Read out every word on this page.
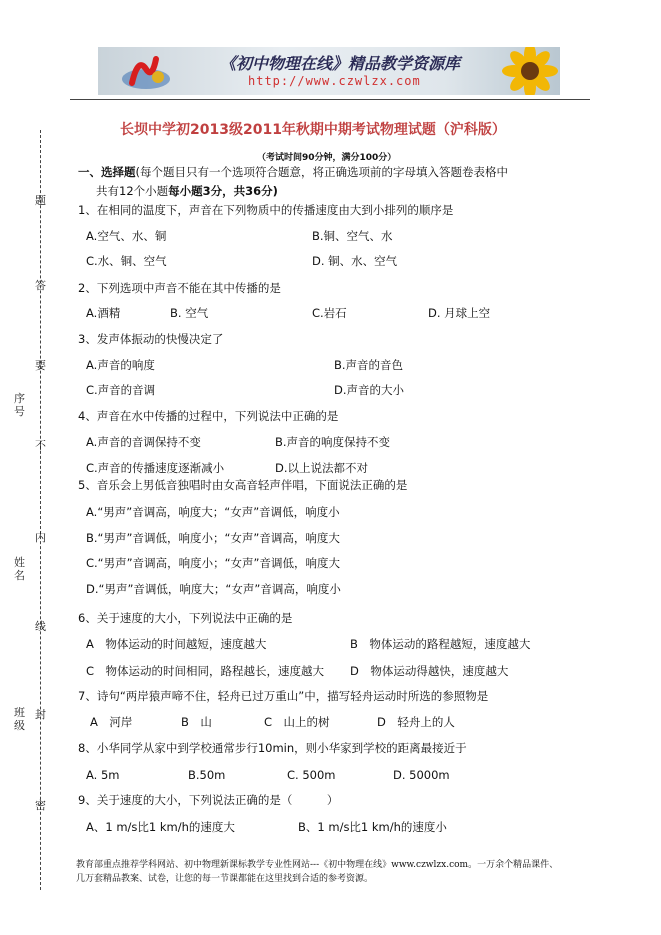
《初中物理在线》精品教学资源库
http://www.czwlzx.com
长坝中学初2013级2011年秋期中期考试物理试题（沪科版）
（考试时间90分钟，满分100分）
一、选择题(每个题目只有一个选项符合题意，将正确选项前的字母填入答题卷表格中
共有12个小题每小题3分，共36分)
1、在相同的温度下，声音在下列物质中的传播速度由大到小排列的顺序是
A.空气、水、铜	B.铜、空气、水
C.水、铜、空气	D. 铜、水、空气
2、下列选项中声音不能在其中传播的是
A.酒精	B. 空气	C.岩石	D. 月球上空
3、发声体振动的快慢决定了
A.声音的响度	B.声音的音色
C.声音的音调	D.声音的大小
4、声音在水中传播的过程中，下列说法中正确的是
A.声音的音调保持不变	B.声音的响度保持不变
C.声音的传播速度逐渐减小	D.以上说法都不对
5、音乐会上男低音独唱时由女高音轻声伴唱，下面说法正确的是
A.“男声”音调高，响度大；“女声”音调低，响度小
B.“男声”音调低，响度小；“女声”音调高，响度大
C.“男声”音调高，响度小；“女声”音调低，响度大
D.“男声”音调低，响度大；“女声”音调高，响度小
6、关于速度的大小，下列说法中正确的是
A　物体运动的时间越短，速度越大	B　物体运动的路程越短，速度越大
C　物体运动的时间相同，路程越长，速度越大 D　物体运动得越快，速度越大
7、诗句“两岸猿声啼不住，轻舟已过万重山”中，描写轻舟运动时所选的参照物是
A　河岸	B　山	C　山上的树	D　轻舟上的人
8、小华同学从家中到学校通常步行10min，则小华家到学校的距离最接近于
A. 5m	B.50m	C. 500m	D. 5000m
9、关于速度的大小，下列说法正确的是（　　　）
A、1 m/s比1 km/h的速度大	B、1 m/s比1 km/h的速度小
题
答
要
不
内
线
封
密
序号
姓名
班级
教育部重点推荐学科网站、初中物理新课标教学专业性网站---《初中物理在线》www.czwlzx.com。一万余个精品课件、
几万套精品教案、试卷，让您的每一节课都能在这里找到合适的参考资源。
